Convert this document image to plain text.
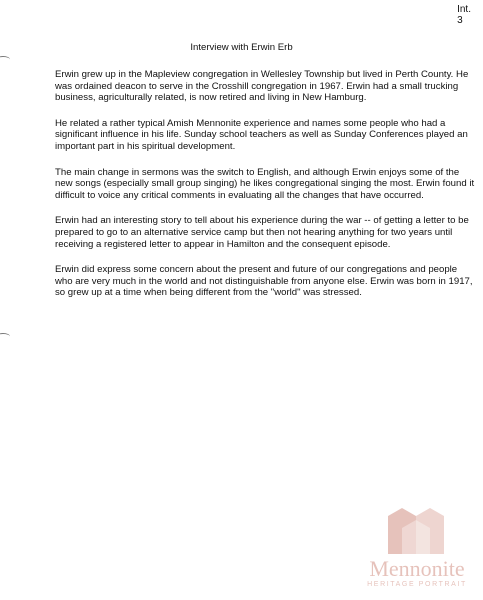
Int.
3
Interview with Erwin Erb

Erwin grew up in the Mapleview congregation in Wellesley Township but lived in Perth County. He was ordained deacon to serve in the Crosshill congregation in 1967. Erwin had a small trucking business, agriculturally related, is now retired and living in New Hamburg.

He related a rather typical Amish Mennonite experience and names some people who had a significant influence in his life. Sunday school teachers as well as Sunday Conferences played an important part in his spiritual development.

The main change in sermons was the switch to English, and although Erwin enjoys some of the new songs (especially small group singing) he likes congregational singing the most. Erwin found it difficult to voice any critical comments in evaluating all the changes that have occurred.

Erwin had an interesting story to tell about his experience during the war -- of getting a letter to be prepared to go to an alternative service camp but then not hearing anything for two years until receiving a registered letter to appear in Hamilton and the consequent episode.

Erwin did express some concern about the present and future of our congregations and people who are very much in the world and not distinguishable from anyone else. Erwin was born in 1917, so grew up at a time when being different from the "world" was stressed.

Mennonite
HERITAGE PORTRAIT
